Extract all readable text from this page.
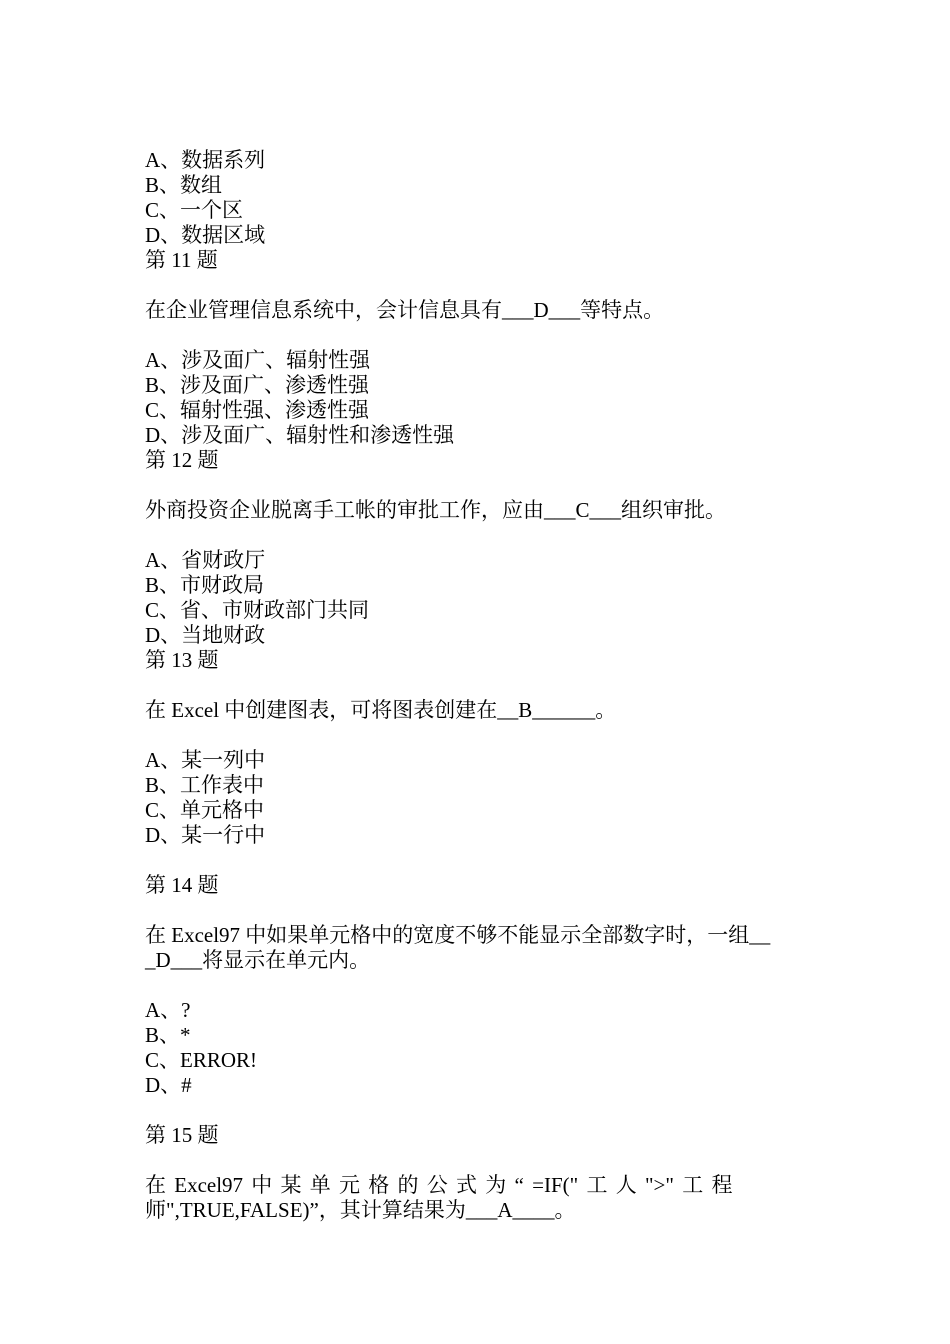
A、数据系列
B、数组
C、一个区
D、数据区域
第 11 题
在企业管理信息系统中，会计信息具有___D___等特点。
A、涉及面广、辐射性强
B、涉及面广、渗透性强
C、辐射性强、渗透性强
D、涉及面广、辐射性和渗透性强
第 12 题
外商投资企业脱离手工帐的审批工作，应由___C___组织审批。
A、省财政厅
B、市财政局
C、省、市财政部门共同
D、当地财政
第 13 题
在 Excel 中创建图表，可将图表创建在__B______。
A、某一列中
B、工作表中
C、单元格中
D、某一行中
第 14 题
在 Excel97 中如果单元格中的宽度不够不能显示全部数字时，一组__
_D___将显示在单元内。
A、?
B、*
C、ERROR!
D、#
第 15 题
在 Excel97 中 某 单 元 格 的 公 式 为 “ =IF(" 工 人 ">" 工 程
师",TRUE,FALSE)”，其计算结果为___A____。
